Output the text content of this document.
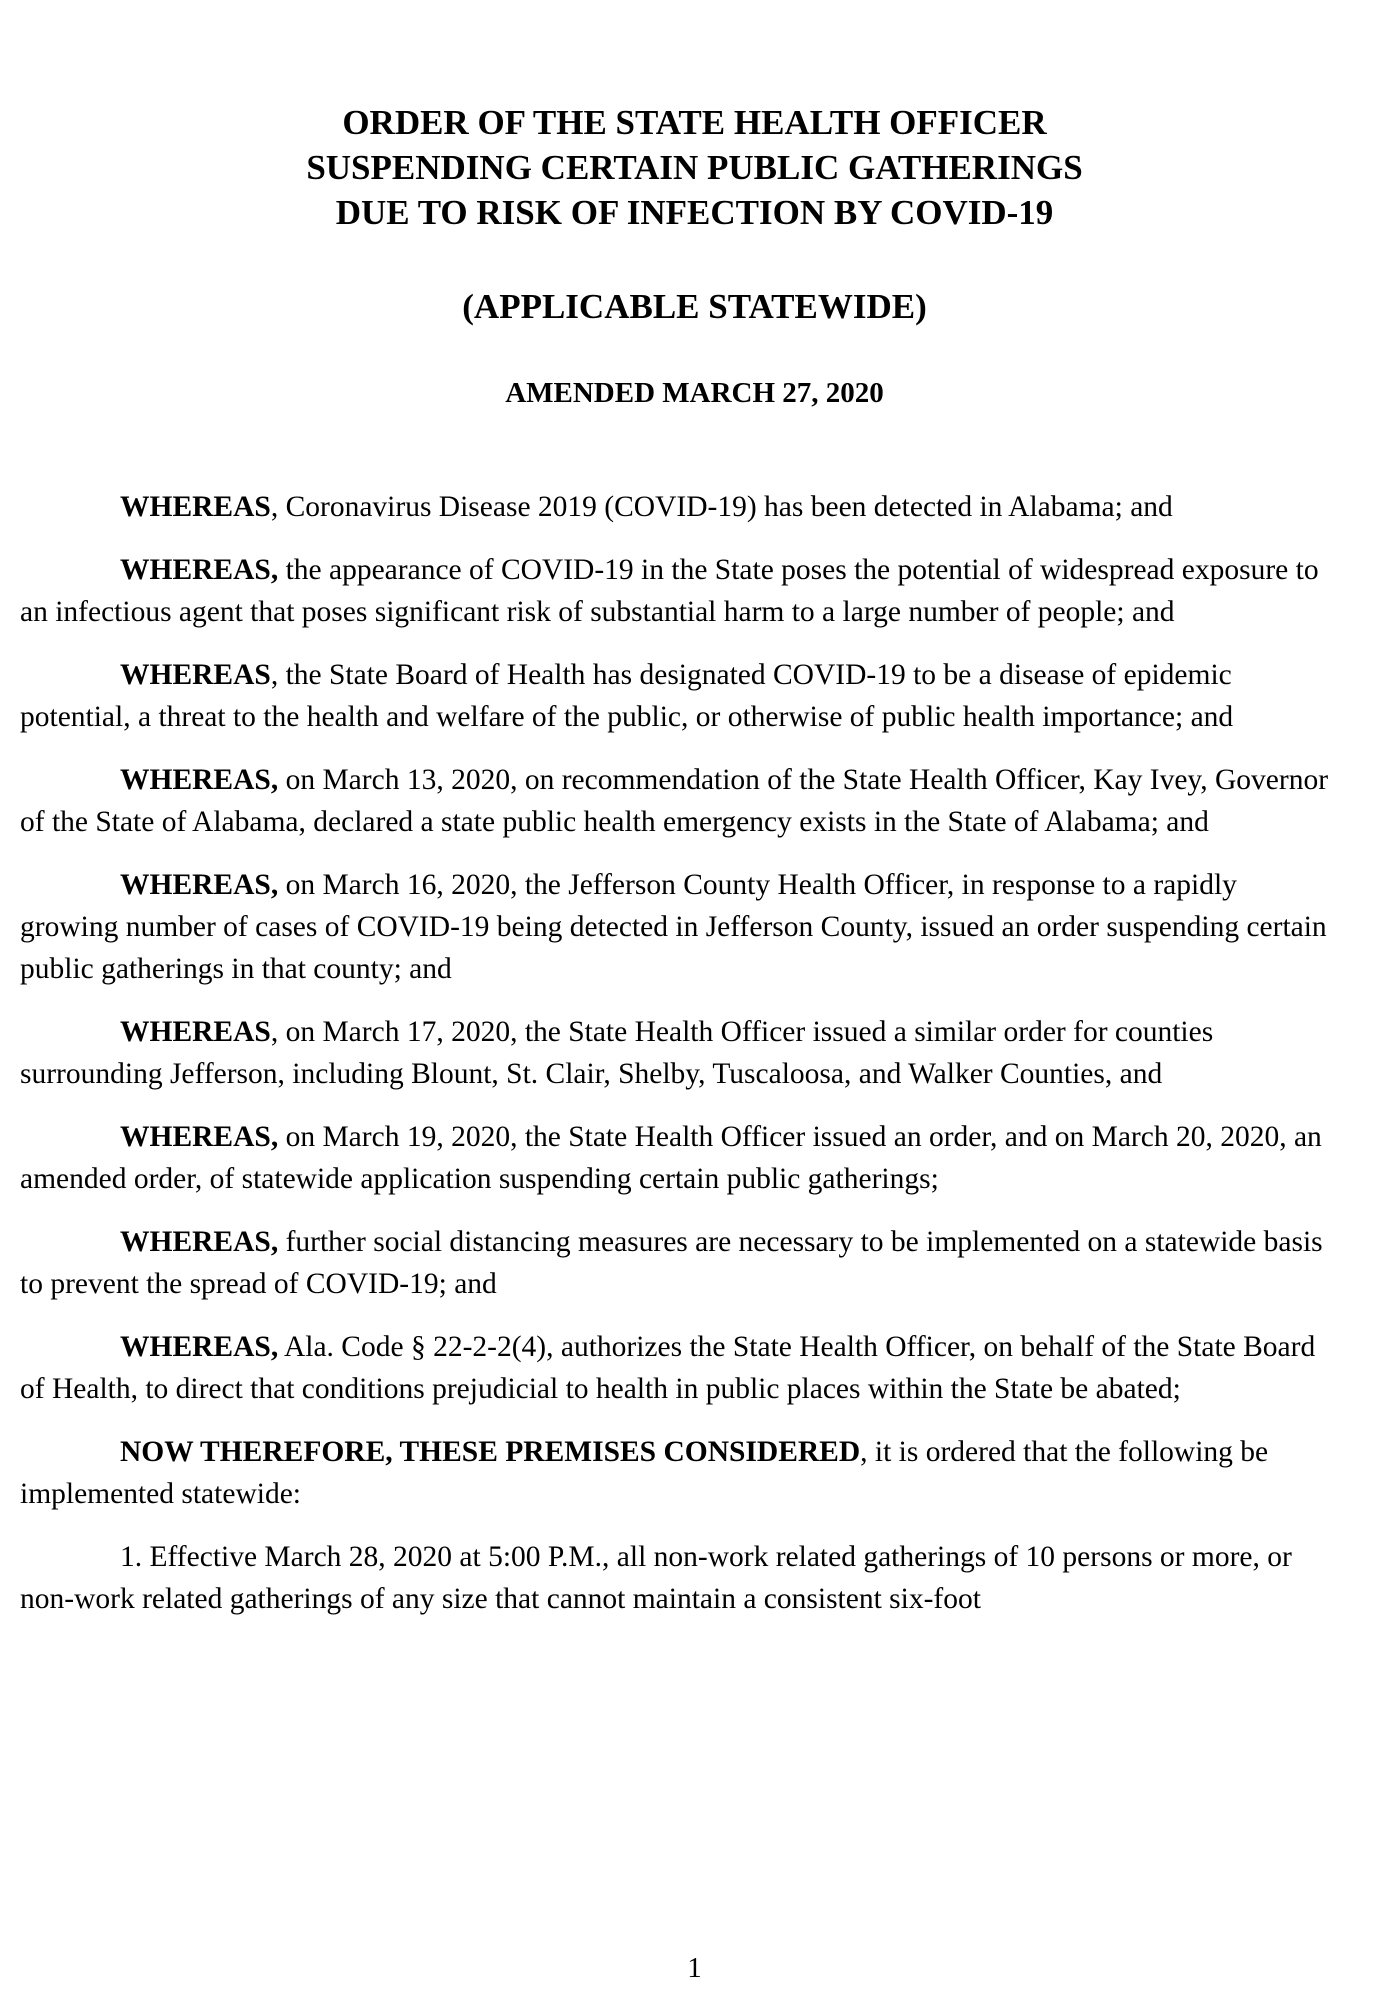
ORDER OF THE STATE HEALTH OFFICER
SUSPENDING CERTAIN PUBLIC GATHERINGS
DUE TO RISK OF INFECTION BY COVID-19
(APPLICABLE STATEWIDE)
AMENDED MARCH 27, 2020

WHEREAS, Coronavirus Disease 2019 (COVID-19) has been detected in Alabama; and

WHEREAS, the appearance of COVID-19 in the State poses the potential of widespread exposure to an infectious agent that poses significant risk of substantial harm to a large number of people; and

WHEREAS, the State Board of Health has designated COVID-19 to be a disease of epidemic potential, a threat to the health and welfare of the public, or otherwise of public health importance; and

WHEREAS, on March 13, 2020, on recommendation of the State Health Officer, Kay Ivey, Governor of the State of Alabama, declared a state public health emergency exists in the State of Alabama; and

WHEREAS, on March 16, 2020, the Jefferson County Health Officer, in response to a rapidly growing number of cases of COVID-19 being detected in Jefferson County, issued an order suspending certain public gatherings in that county; and

WHEREAS, on March 17, 2020, the State Health Officer issued a similar order for counties surrounding Jefferson, including Blount, St. Clair, Shelby, Tuscaloosa, and Walker Counties, and

WHEREAS, on March 19, 2020, the State Health Officer issued an order, and on March 20, 2020, an amended order, of statewide application suspending certain public gatherings;

WHEREAS, further social distancing measures are necessary to be implemented on a statewide basis to prevent the spread of COVID-19; and

WHEREAS, Ala. Code § 22-2-2(4), authorizes the State Health Officer, on behalf of the State Board of Health, to direct that conditions prejudicial to health in public places within the State be abated;

NOW THEREFORE, THESE PREMISES CONSIDERED, it is ordered that the following be implemented statewide:

1. Effective March 28, 2020 at 5:00 P.M., all non-work related gatherings of 10 persons or more, or non-work related gatherings of any size that cannot maintain a consistent six-foot

1
